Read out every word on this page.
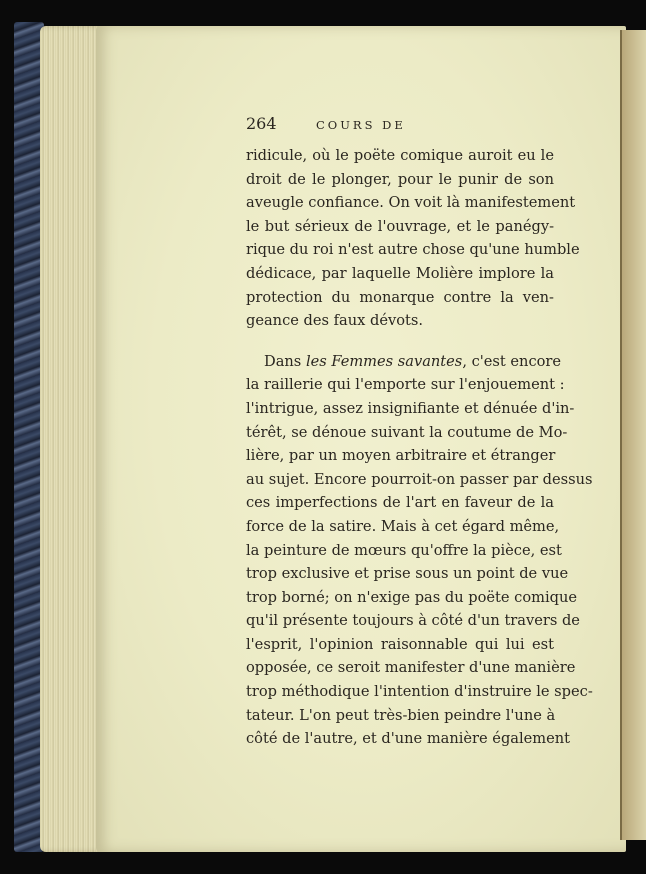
264	COURS DE
ridicule, où le poëte comique auroit eu le
droit de le plonger, pour le punir de son
aveugle confiance. On voit là manifestement
le but sérieux de l'ouvrage, et le panégy-
rique du roi n'est autre chose qu'une humble
dédicace, par laquelle Molière implore la
protection du monarque contre la ven-
geance des faux dévots.
Dans les Femmes savantes, c'est encore
la raillerie qui l'emporte sur l'enjouement :
l'intrigue, assez insignifiante et dénuée d'in-
térêt, se dénoue suivant la coutume de Mo-
lière, par un moyen arbitraire et étranger
au sujet. Encore pourroit-on passer par dessus
ces imperfections de l'art en faveur de la
force de la satire. Mais à cet égard même,
la peinture de mœurs qu'offre la pièce, est
trop exclusive et prise sous un point de vue
trop borné; on n'exige pas du poëte comique
qu'il présente toujours à côté d'un travers de
l'esprit, l'opinion raisonnable qui lui est
opposée, ce seroit manifester d'une manière
trop méthodique l'intention d'instruire le spec-
tateur. L'on peut très-bien peindre l'une à
côté de l'autre, et d'une manière également
